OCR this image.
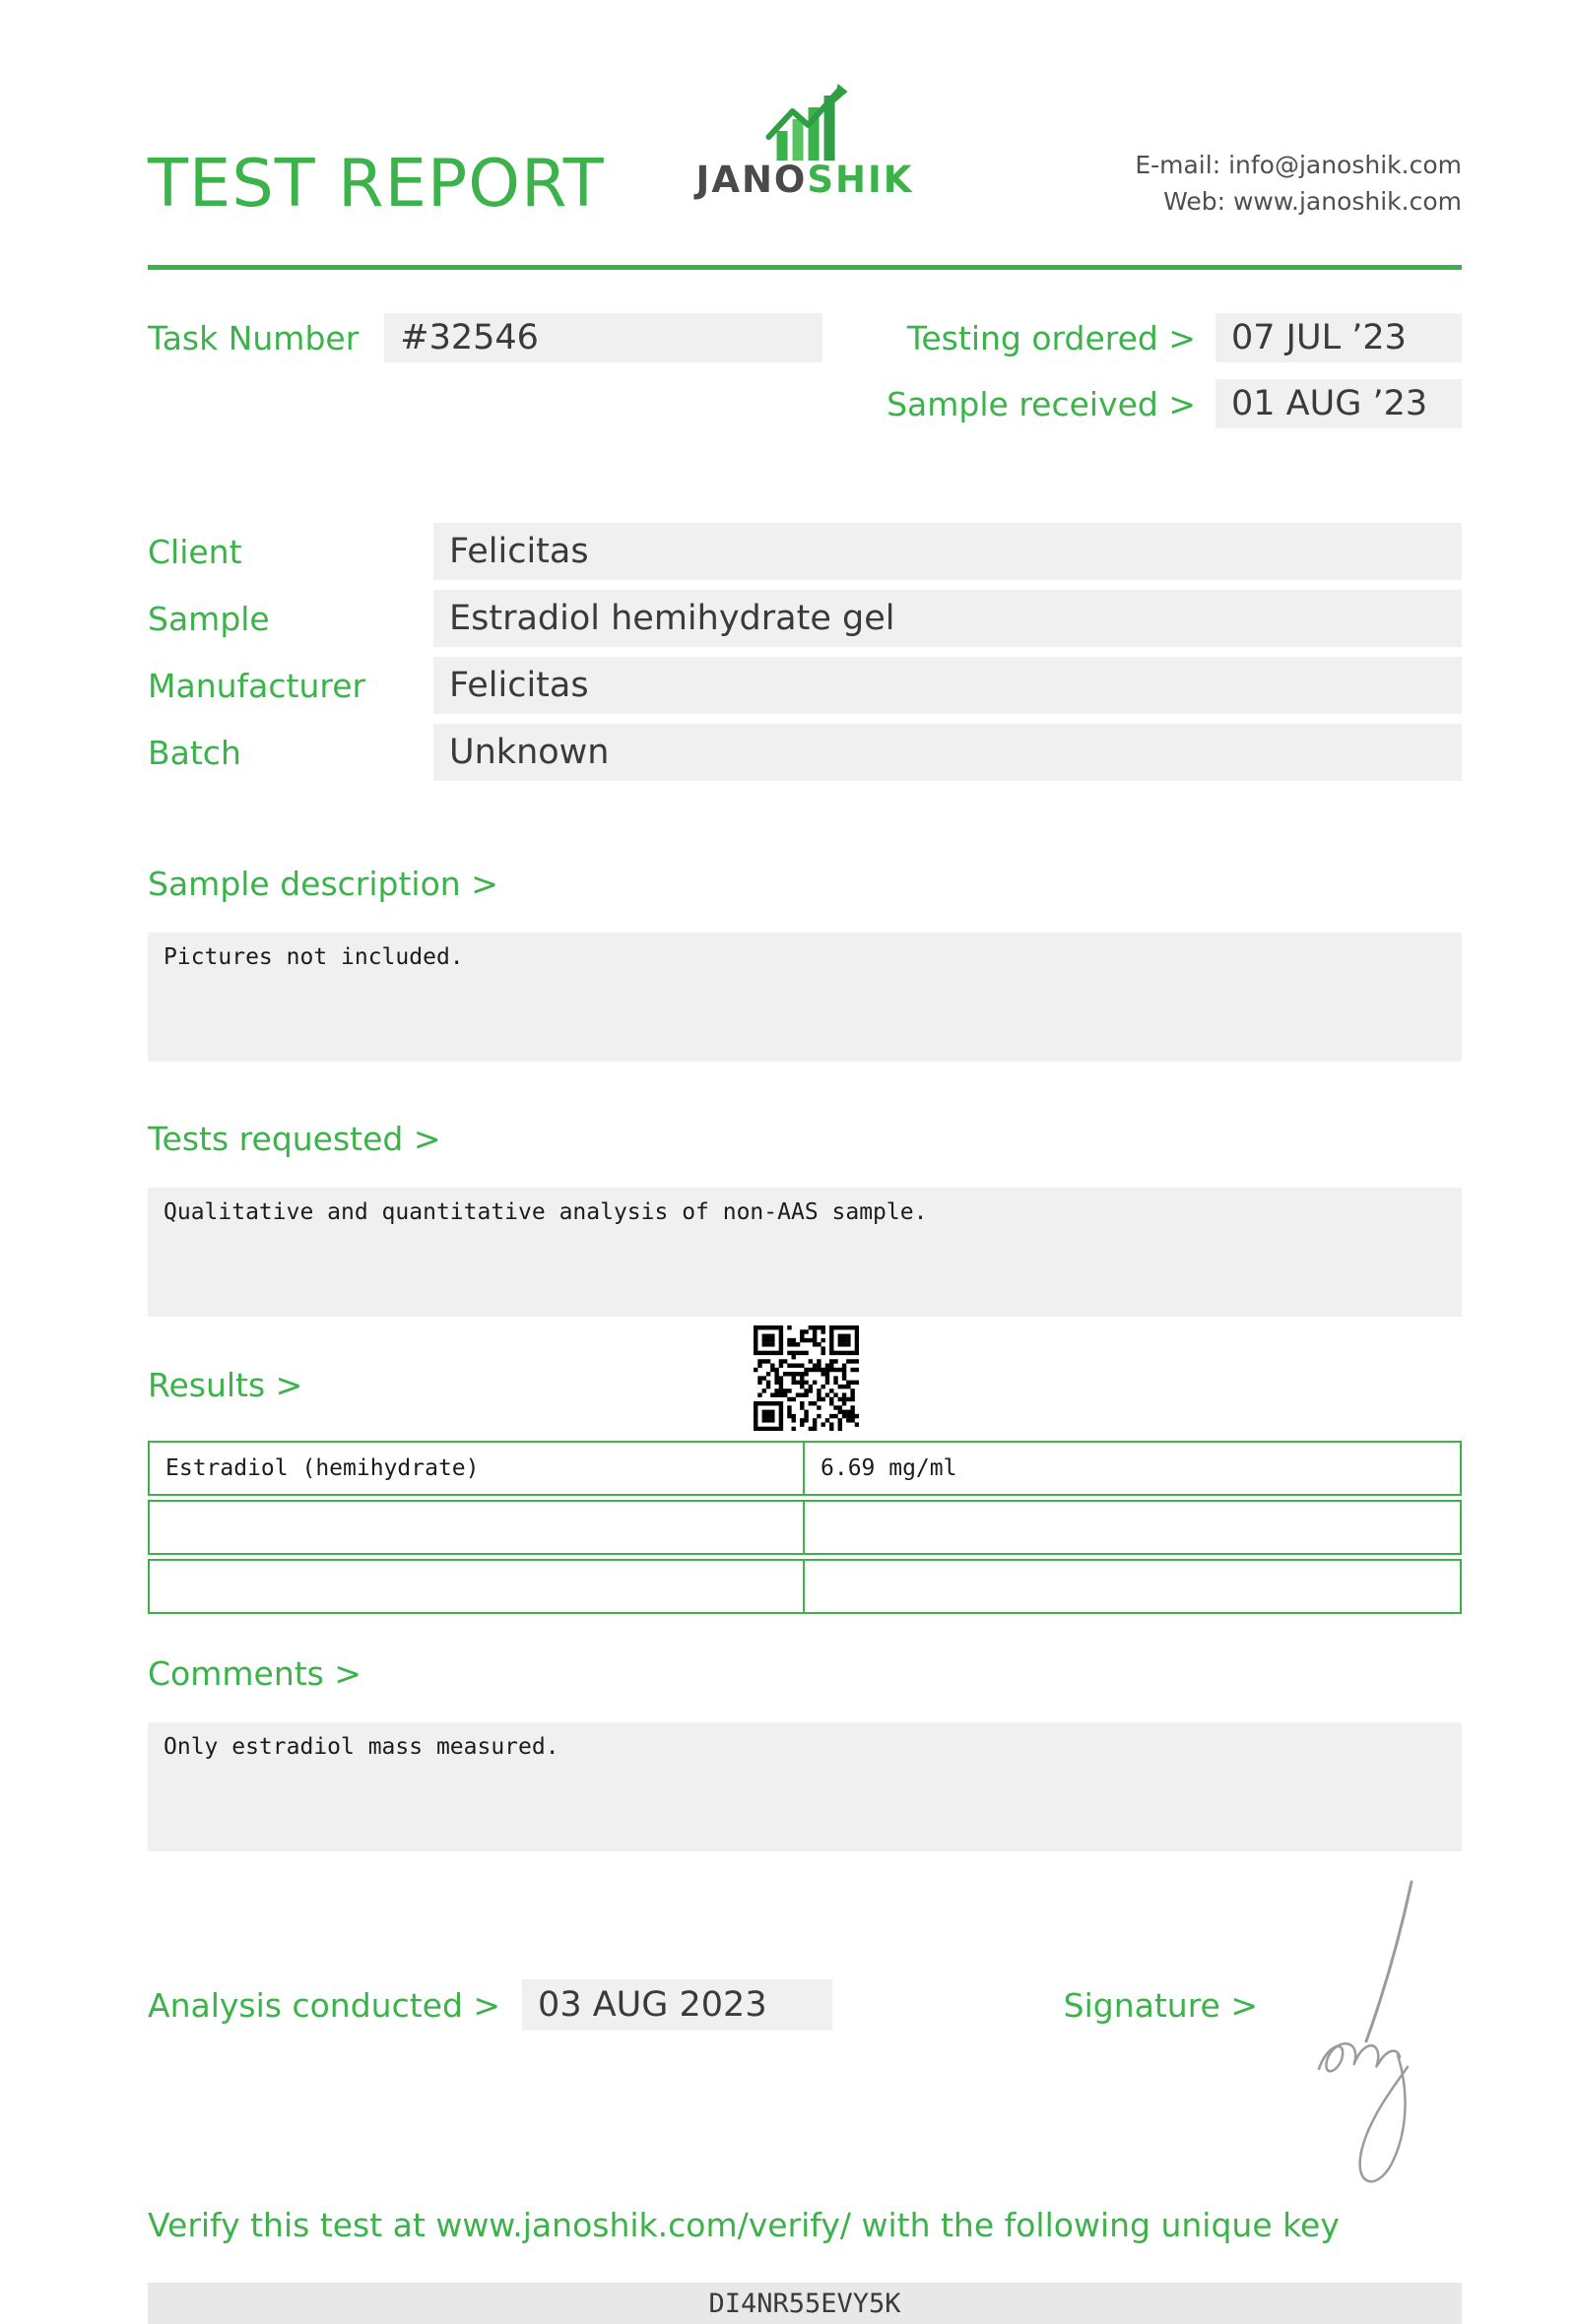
TEST REPORT	JANOSHIK	E-mail: info@janoshik.com
Web: www.janoshik.com
Task Number	#32546	Testing ordered >	07 JUL ’23
Sample received >	01 AUG ’23
Client	Felicitas
Sample	Estradiol hemihydrate gel
Manufacturer	Felicitas
Batch	Unknown
Sample description >
Pictures not included.
Tests requested >
Qualitative and quantitative analysis of non-AAS sample.
Results >
Estradiol (hemihydrate)	6.69 mg/ml
Comments >
Only estradiol mass measured.
Analysis conducted >	03 AUG 2023	Signature >
Verify this test at www.janoshik.com/verify/ with the following unique key
DI4NR55EVY5K
